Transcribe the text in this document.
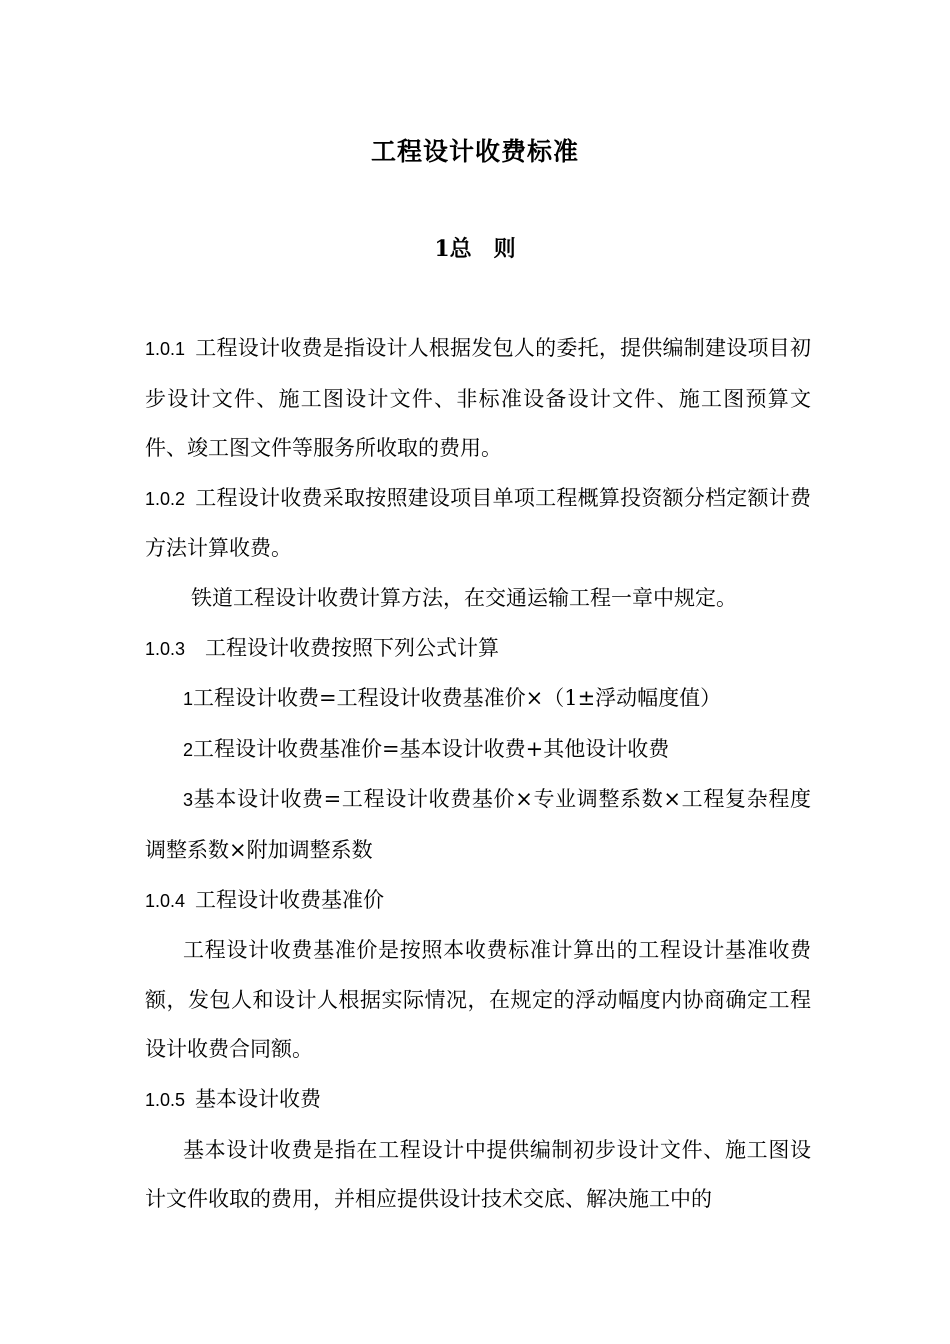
工程设计收费标准
1总　则

1.0.1 工程设计收费是指设计人根据发包人的委托，提供编制建设项目初步设计文件、施工图设计文件、非标准设备设计文件、施工图预算文件、竣工图文件等服务所收取的费用。

1.0.2 工程设计收费采取按照建设项目单项工程概算投资额分档定额计费方法计算收费。

铁道工程设计收费计算方法，在交通运输工程一章中规定。

1.0.3 工程设计收费按照下列公式计算

1工程设计收费=工程设计收费基准价×（1±浮动幅度值）

2工程设计收费基准价=基本设计收费+其他设计收费

3基本设计收费=工程设计收费基价×专业调整系数×工程复杂程度调整系数×附加调整系数

1.0.4 工程设计收费基准价

工程设计收费基准价是按照本收费标准计算出的工程设计基准收费额，发包人和设计人根据实际情况，在规定的浮动幅度内协商确定工程设计收费合同额。

1.0.5 基本设计收费

基本设计收费是指在工程设计中提供编制初步设计文件、施工图设计文件收取的费用，并相应提供设计技术交底、解决施工中的
